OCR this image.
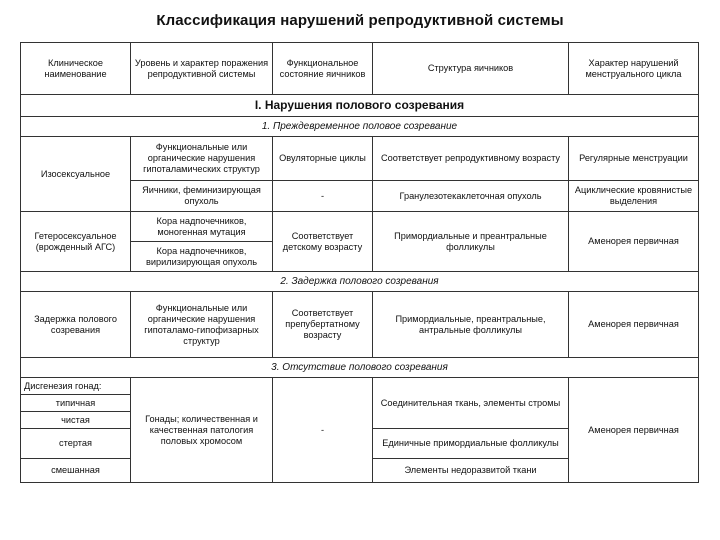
Классификация нарушений репродуктивной системы
Клиническое наименование	Уровень и характер поражения репродуктивной системы	Функциональное состояние яичников	Структура яичников	Характер нарушений менструального цикла
I. Нарушения полового созревания				
1. Преждевременное половое созревание				
Изосексуальное	Функциональные или органические нарушения гипоталамических структур	Овуляторные циклы	Соответствует репродуктивному возрасту	Регулярные менструации
	Яичники, феминизирующая опухоль	-	Гранулезотекаклеточная опухоль	Ациклические кровянистые выделения
Гетеросексуальное (врожденный АГС)	Кора надпочечников, моногенная мутация	Соответствует детскому возрасту	Примордиальные и преантральные фолликулы	Аменорея первичная
	Кора надпочечников, вирилизирующая опухоль			
2. Задержка полового созревания				
Задержка полового созревания	Функциональные или органические нарушения гипоталамо-гипофизарных структур	Соответствует препубертатному возрасту	Примордиальные, преантральные, антральные фолликулы	Аменорея первичная
3. Отсутствие полового созревания				
Дисгенезия гонад:	Гонады; количественная и качественная патология половых хромосом	-	Соединительная ткань, элементы стромы	Аменорея первичная
типичная				
чистая				
стертая			Единичные примордиальные фолликулы	
смешанная			Элементы недоразвитой ткани	
